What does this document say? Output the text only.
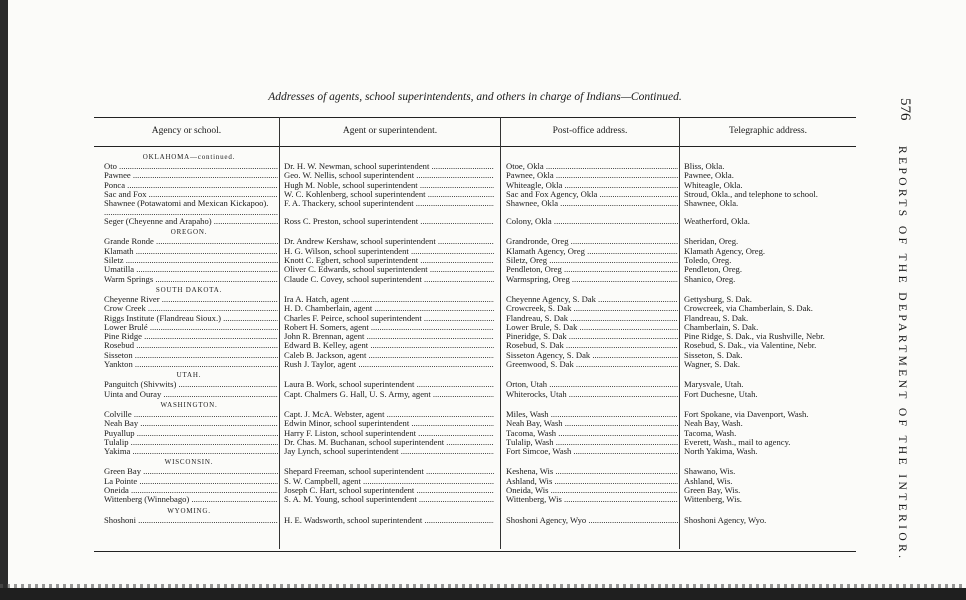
576
REPORTS OF THE DEPARTMENT OF THE INTERIOR.
Addresses of agents, school superintendents, and others in charge of Indians—Continued.
Agency or school.	Agent or superintendent.	Post-office address.	Telegraphic address.
OKLAHOMA—continued.
Oto .....	Dr. H. W. Newman, school superintendent .....	Otoe, Okla .....	Bliss, Okla.
Pawnee .....	Geo. W. Nellis, school superintendent .....	Pawnee, Okla .....	Pawnee, Okla.
Ponca .....	Hugh M. Noble, school superintendent .....	Whiteagle, Okla .....	Whiteagle, Okla.
Sac and Fox .....	W. C. Kohlenberg, school superintendent .....	Sac and Fox Agency, Okla .....	Stroud, Okla., and telephone to school.
Shawnee (Potawatomi and Mexican Kickapoo). .....	F. A. Thackery, school superintendent .....	Shawnee, Okla .....	Shawnee, Okla.
Seger (Cheyenne and Arapaho) .....	Ross C. Preston, school superintendent .....	Colony, Okla .....	Weatherford, Okla.
OREGON.
Grande Ronde .....	Dr. Andrew Kershaw, school superintendent .....	Grandronde, Oreg .....	Sheridan, Oreg.
Klamath .....	H. G. Wilson, school superintendent .....	Klamath Agency, Oreg .....	Klamath Agency, Oreg.
Siletz .....	Knott C. Egbert, school superintendent .....	Siletz, Oreg .....	Toledo, Oreg.
Umatilla .....	Oliver C. Edwards, school superintendent .....	Pendleton, Oreg .....	Pendleton, Oreg.
Warm Springs .....	Claude C. Covey, school superintendent .....	Warmspring, Oreg .....	Shanico, Oreg.
SOUTH DAKOTA.
Cheyenne River .....	Ira A. Hatch, agent .....	Cheyenne Agency, S. Dak .....	Gettysburg, S. Dak.
Crow Creek .....	H. D. Chamberlain, agent .....	Crowcreek, S. Dak .....	Crowcreek, via Chamberlain, S. Dak.
Riggs Institute (Flandreau Sioux.) .....	Charles F. Peirce, school superintendent .....	Flandreau, S. Dak .....	Flandreau, S. Dak.
Lower Brulé .....	Robert H. Somers, agent .....	Lower Brule, S. Dak .....	Chamberlain, S. Dak.
Pine Ridge .....	John R. Brennan, agent .....	Pineridge, S. Dak .....	Pine Ridge, S. Dak., via Rushville, Nebr.
Rosebud .....	Edward B. Kelley, agent .....	Rosebud, S. Dak .....	Rosebud, S. Dak., via Valentine, Nebr.
Sisseton .....	Caleb B. Jackson, agent .....	Sisseton Agency, S. Dak .....	Sisseton, S. Dak.
Yankton .....	Rush J. Taylor, agent .....	Greenwood, S. Dak .....	Wagner, S. Dak.
UTAH.
Panguitch (Shivwits) .....	Laura B. Work, school superintendent .....	Orton, Utah .....	Marysvale, Utah.
Uinta and Ouray .....	Capt. Chalmers G. Hall, U. S. Army, agent .....	Whiterocks, Utah .....	Fort Duchesne, Utah.
WASHINGTON.
Colville .....	Capt. J. McA. Webster, agent .....	Miles, Wash .....	Fort Spokane, via Davenport, Wash.
Neah Bay .....	Edwin Minor, school superintendent .....	Neah Bay, Wash .....	Neah Bay, Wash.
Puyallup .....	Harry F. Liston, school superintendent .....	Tacoma, Wash .....	Tacoma, Wash.
Tulalip .....	Dr. Chas. M. Buchanan, school superintendent .....	Tulalip, Wash .....	Everett, Wash., mail to agency.
Yakima .....	Jay Lynch, school superintendent .....	Fort Simcoe, Wash .....	North Yakima, Wash.
WISCONSIN.
Green Bay .....	Shepard Freeman, school superintendent .....	Keshena, Wis .....	Shawano, Wis.
La Pointe .....	S. W. Campbell, agent .....	Ashland, Wis .....	Ashland, Wis.
Oneida .....	Joseph C. Hart, school superintendent .....	Oneida, Wis .....	Green Bay, Wis.
Wittenberg (Winnebago) .....	S. A. M. Young, school superintendent .....	Wittenberg, Wis .....	Wittenberg, Wis.
WYOMING.
Shoshoni .....	H. E. Wadsworth, school superintendent .....	Shoshoni Agency, Wyo .....	Shoshoni Agency, Wyo.
